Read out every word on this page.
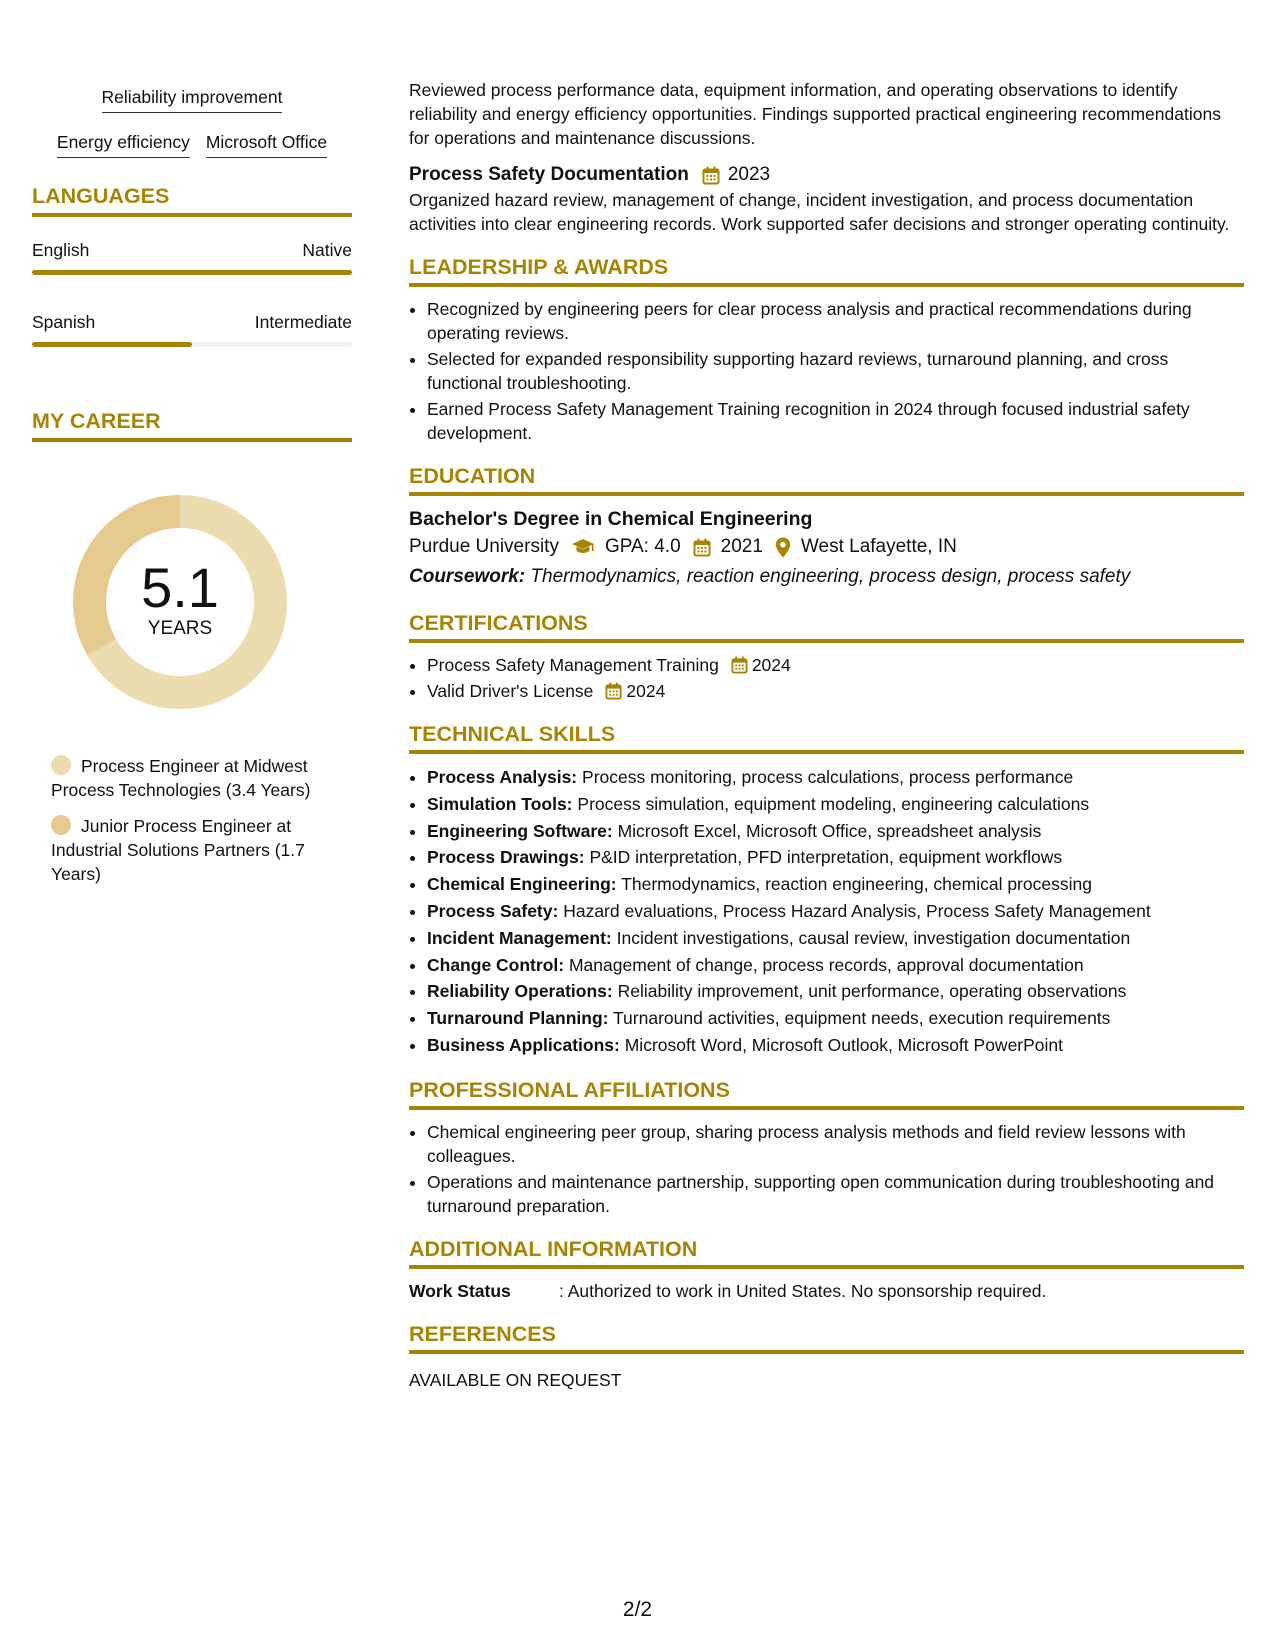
Reliability improvement
Energy efficiency Microsoft Office
LANGUAGES
English	Native
Spanish	Intermediate
MY CAREER
5.1
YEARS
Process Engineer at Midwest Process Technologies (3.4 Years)
Junior Process Engineer at Industrial Solutions Partners (1.7 Years)

Reviewed process performance data, equipment information, and operating observations to identify reliability and energy efficiency opportunities. Findings supported practical engineering recommendations for operations and maintenance discussions.

Process Safety Documentation 2023

Organized hazard review, management of change, incident investigation, and process documentation activities into clear engineering records. Work supported safer decisions and stronger operating continuity.

LEADERSHIP & AWARDS
• Recognized by engineering peers for clear process analysis and practical recommendations during operating reviews.
• Selected for expanded responsibility supporting hazard reviews, turnaround planning, and cross functional troubleshooting.
• Earned Process Safety Management Training recognition in 2024 through focused industrial safety development.
EDUCATION
Bachelor's Degree in Chemical Engineering
Purdue University GPA: 4.0 2021 West Lafayette, IN
Coursework: Thermodynamics, reaction engineering, process design, process safety
CERTIFICATIONS
• Process Safety Management Training 2024
• Valid Driver's License 2024
TECHNICAL SKILLS
• Process Analysis: Process monitoring, process calculations, process performance
• Simulation Tools: Process simulation, equipment modeling, engineering calculations
• Engineering Software: Microsoft Excel, Microsoft Office, spreadsheet analysis
• Process Drawings: P&ID interpretation, PFD interpretation, equipment workflows
• Chemical Engineering: Thermodynamics, reaction engineering, chemical processing
• Process Safety: Hazard evaluations, Process Hazard Analysis, Process Safety Management
• Incident Management: Incident investigations, causal review, investigation documentation
• Change Control: Management of change, process records, approval documentation
• Reliability Operations: Reliability improvement, unit performance, operating observations
• Turnaround Planning: Turnaround activities, equipment needs, execution requirements
• Business Applications: Microsoft Word, Microsoft Outlook, Microsoft PowerPoint
PROFESSIONAL AFFILIATIONS
• Chemical engineering peer group, sharing process analysis methods and field review lessons with colleagues.
• Operations and maintenance partnership, supporting open communication during troubleshooting and turnaround preparation.
ADDITIONAL INFORMATION
Work Status	: Authorized to work in United States. No sponsorship required.
REFERENCES
AVAILABLE ON REQUEST
2/2
